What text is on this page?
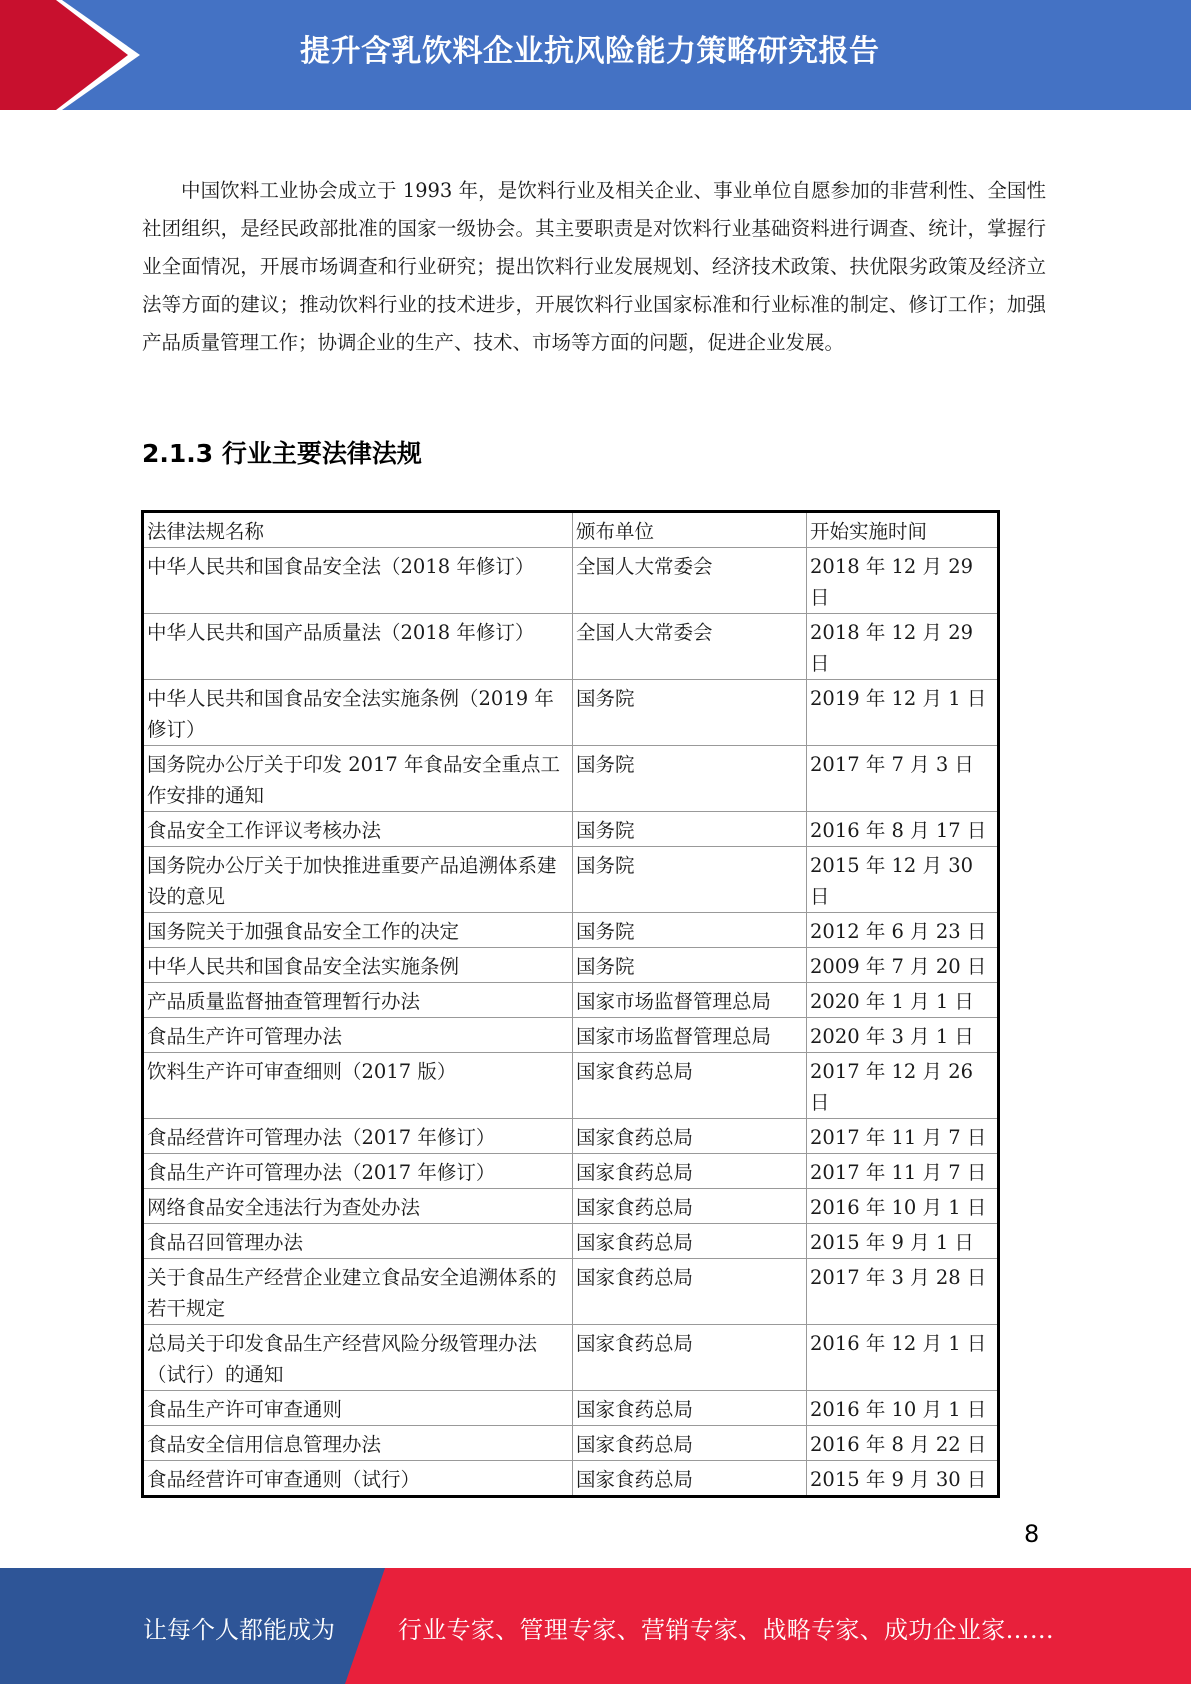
提升含乳饮料企业抗风险能力策略研究报告

中国饮料工业协会成立于 1993 年，是饮料行业及相关企业、事业单位自愿参加的非营利性、全国性社团组织，是经民政部批准的国家一级协会。其主要职责是对饮料行业基础资料进行调查、统计，掌握行业全面情况，开展市场调查和行业研究；提出饮料行业发展规划、经济技术政策、扶优限劣政策及经济立法等方面的建议；推动饮料行业的技术进步，开展饮料行业国家标准和行业标准的制定、修订工作；加强产品质量管理工作；协调企业的生产、技术、市场等方面的问题，促进企业发展。

2.1.3 行业主要法律法规
法律法规名称	颁布单位	开始实施时间
中华人民共和国食品安全法（2018 年修订）	全国人大常委会	2018 年 12 月 29 日
中华人民共和国产品质量法（2018 年修订）	全国人大常委会	2018 年 12 月 29 日
中华人民共和国食品安全法实施条例（2019 年修订）	国务院	2019 年 12 月 1 日
国务院办公厅关于印发 2017 年食品安全重点工作安排的通知	国务院	2017 年 7 月 3 日
食品安全工作评议考核办法	国务院	2016 年 8 月 17 日
国务院办公厅关于加快推进重要产品追溯体系建设的意见	国务院	2015 年 12 月 30 日
国务院关于加强食品安全工作的决定	国务院	2012 年 6 月 23 日
中华人民共和国食品安全法实施条例	国务院	2009 年 7 月 20 日
产品质量监督抽查管理暂行办法	国家市场监督管理总局	2020 年 1 月 1 日
食品生产许可管理办法	国家市场监督管理总局	2020 年 3 月 1 日
饮料生产许可审查细则（2017 版）	国家食药总局	2017 年 12 月 26 日
食品经营许可管理办法（2017 年修订）	国家食药总局	2017 年 11 月 7 日
食品生产许可管理办法（2017 年修订）	国家食药总局	2017 年 11 月 7 日
网络食品安全违法行为查处办法	国家食药总局	2016 年 10 月 1 日
食品召回管理办法	国家食药总局	2015 年 9 月 1 日
关于食品生产经营企业建立食品安全追溯体系的若干规定	国家食药总局	2017 年 3 月 28 日
总局关于印发食品生产经营风险分级管理办法（试行）的通知	国家食药总局	2016 年 12 月 1 日
食品生产许可审查通则	国家食药总局	2016 年 10 月 1 日
食品安全信用信息管理办法	国家食药总局	2016 年 8 月 22 日
食品经营许可审查通则（试行）	国家食药总局	2015 年 9 月 30 日
8
让每个人都能成为	行业专家、管理专家、营销专家、战略专家、成功企业家……
